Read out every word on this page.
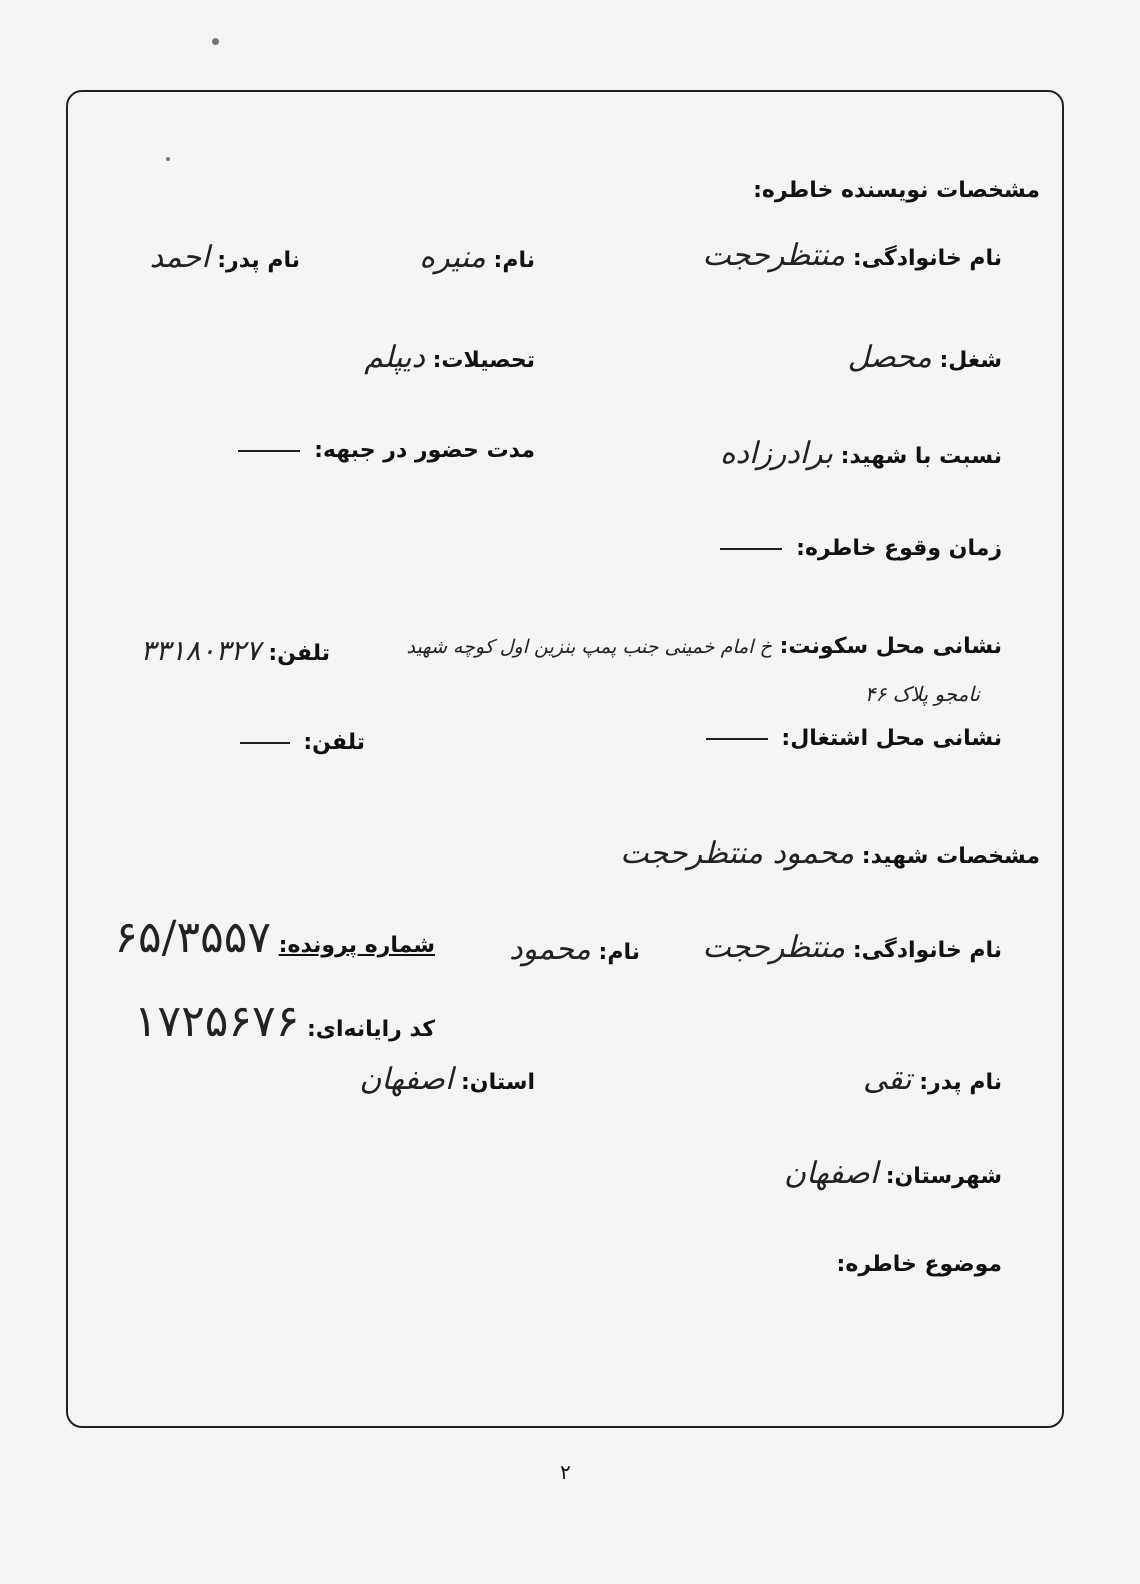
مشخصات نویسنده خاطره:
نام خانوادگی: منتظرحجت
نام: منیره
نام پدر: احمد
شغل: محصل
تحصیلات: دیپلم
نسبت با شهید: برادرزاده
مدت حضور در جبهه:
زمان وقوع خاطره:
نشانی محل سکونت: خ امام خمینی جنب پمپ بنزین اول کوچه شهید
تلفن: ۳۳۱۸۰۳۲۷
نامجو پلاک ۴۶
نشانی محل اشتغال:
تلفن:
مشخصات شهید: محمود منتظرحجت
نام خانوادگی: منتظرحجت
نام: محمود
شماره پرونده: ۶۵/۳۵۵۷
کد رایانه‌ای: ۱۷۲۵۶۷۶
نام پدر: تقی
استان: اصفهان
شهرستان: اصفهان
موضوع خاطره:
۲
